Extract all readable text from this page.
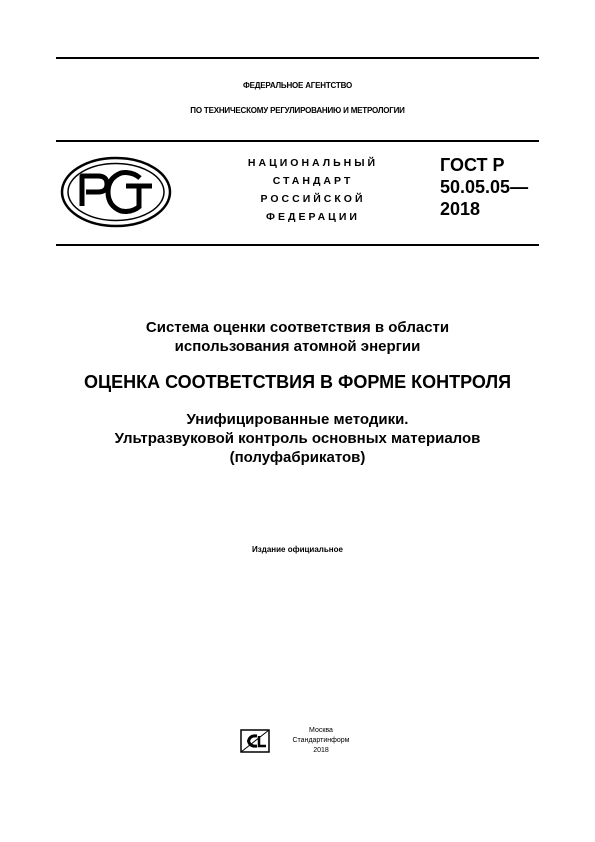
ФЕДЕРАЛЬНОЕ АГЕНТСТВО
ПО ТЕХНИЧЕСКОМУ РЕГУЛИРОВАНИЮ И МЕТРОЛОГИИ
НАЦИОНАЛЬНЫЙ
СТАНДАРТ
РОССИЙСКОЙ
ФЕДЕРАЦИИ
ГОСТ Р
50.05.05—
2018
Система оценки соответствия в области
использования атомной энергии
ОЦЕНКА СООТВЕТСТВИЯ В ФОРМЕ КОНТРОЛЯ
Унифицированные методики.
Ультразвуковой контроль основных материалов
(полуфабрикатов)
Издание официальное
Москва
Стандартинформ
2018
